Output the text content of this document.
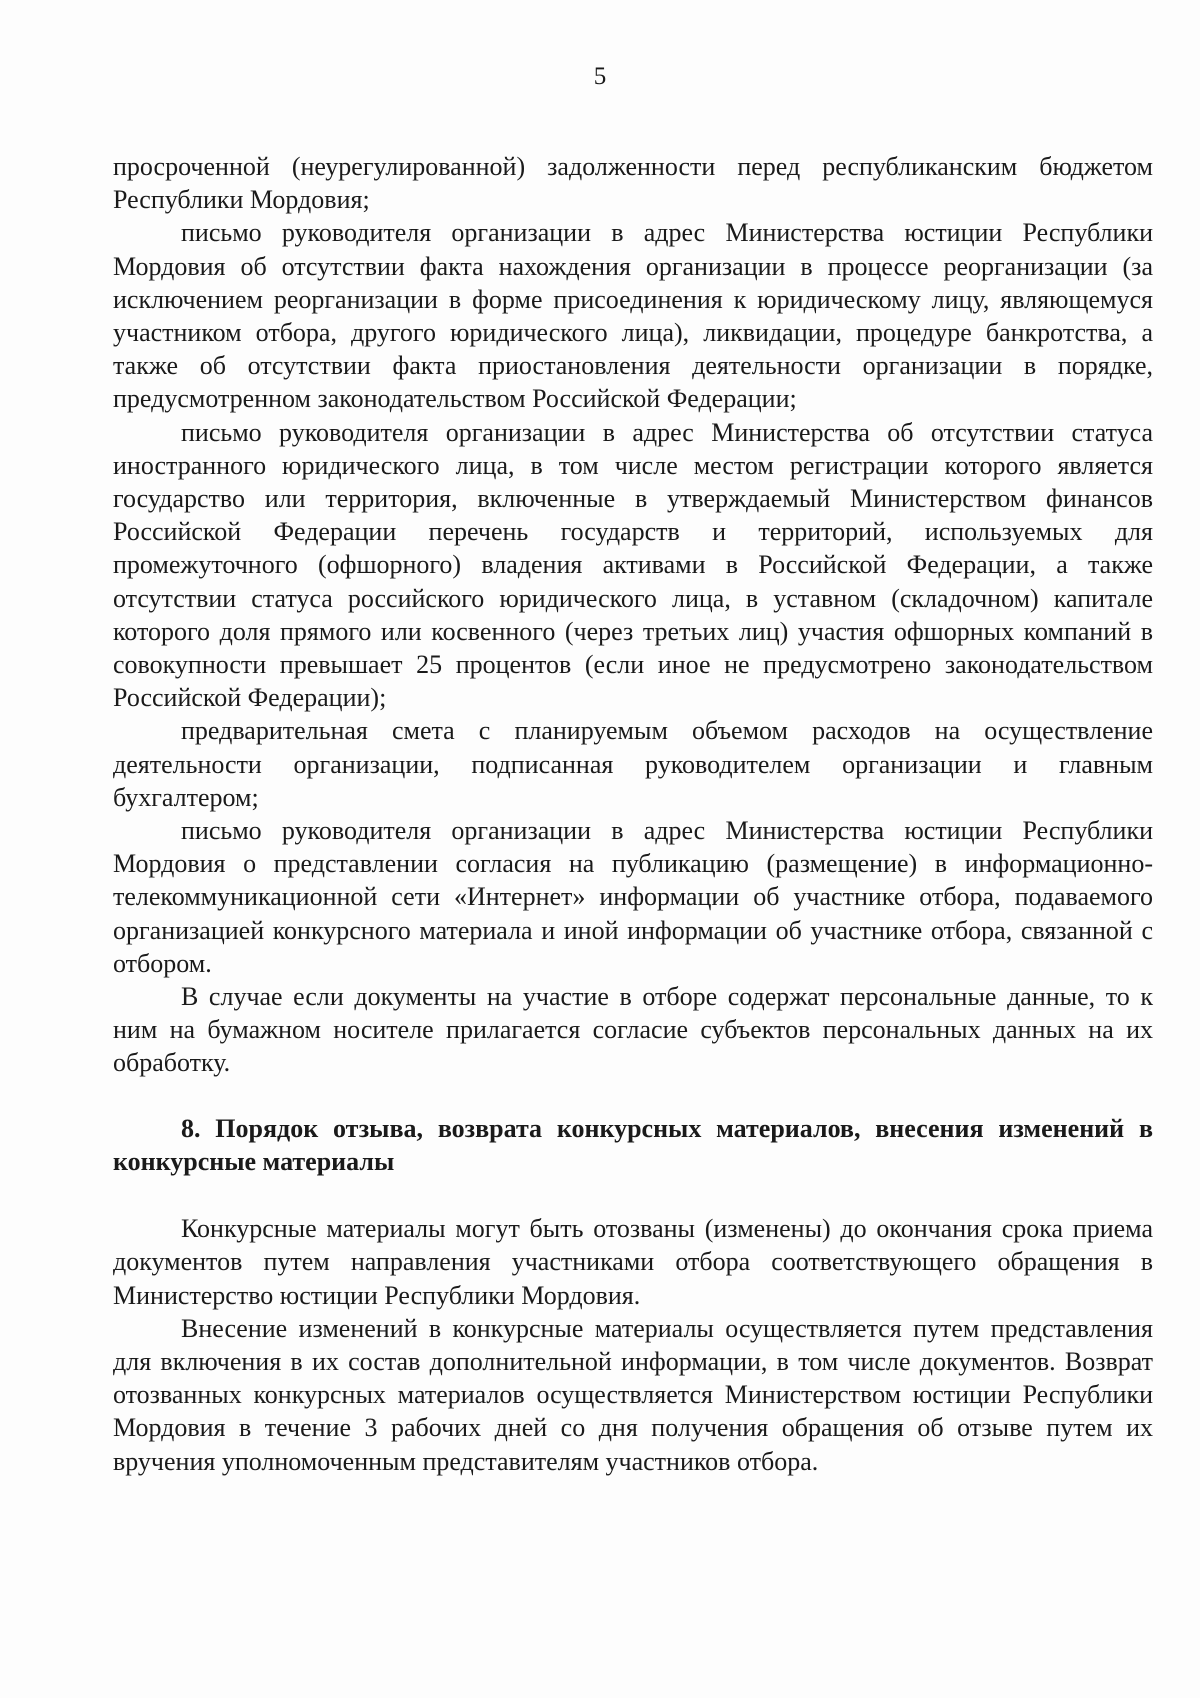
5

просроченной (неурегулированной) задолженности перед республиканским бюджетом Республики Мордовия;

письмо руководителя организации в адрес Министерства юстиции Республики Мордовия об отсутствии факта нахождения организации в процессе реорганизации (за исключением реорганизации в форме присоединения к юридическому лицу, являющемуся участником отбора, другого юридического лица), ликвидации, процедуре банкротства, а также об отсутствии факта приостановления деятельности организации в порядке, предусмотренном законодательством Российской Федерации;

письмо руководителя организации в адрес Министерства об отсутствии статуса иностранного юридического лица, в том числе местом регистрации которого является государство или территория, включенные в утверждаемый Министерством финансов Российской Федерации перечень государств и территорий, используемых для промежуточного (офшорного) владения активами в Российской Федерации, а также отсутствии статуса российского юридического лица, в уставном (складочном) капитале которого доля прямого или косвенного (через третьих лиц) участия офшорных компаний в совокупности превышает 25 процентов (если иное не предусмотрено законодательством Российской Федерации);

предварительная смета с планируемым объемом расходов на осуществление деятельности организации, подписанная руководителем организации и главным бухгалтером;

письмо руководителя организации в адрес Министерства юстиции Республики Мордовия о представлении согласия на публикацию (размещение) в информационно-телекоммуникационной сети «Интернет» информации об участнике отбора, подаваемого организацией конкурсного материала и иной информации об участнике отбора, связанной с отбором.

В случае если документы на участие в отборе содержат персональные данные, то к ним на бумажном носителе прилагается согласие субъектов персональных данных на их обработку.

8. Порядок отзыва, возврата конкурсных материалов, внесения изменений в конкурсные материалы

Конкурсные материалы могут быть отозваны (изменены) до окончания срока приема документов путем направления участниками отбора соответствующего обращения в Министерство юстиции Республики Мордовия.

Внесение изменений в конкурсные материалы осуществляется путем представления для включения в их состав дополнительной информации, в том числе документов. Возврат отозванных конкурсных материалов осуществляется Министерством юстиции Республики Мордовия в течение 3 рабочих дней со дня получения обращения об отзыве путем их вручения уполномоченным представителям участников отбора.
